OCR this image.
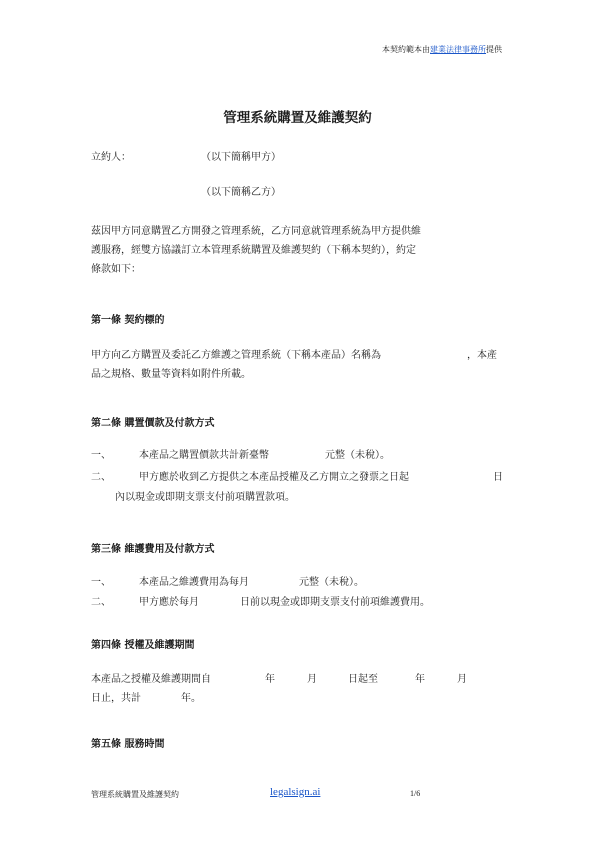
本契約範本由建業法律事務所提供
管理系統購置及維護契約
立約人：	（以下簡稱甲方）
（以下簡稱乙方）
茲因甲方同意購置乙方開發之管理系統，乙方同意就管理系統為甲方提供維
護服務，經雙方協議訂立本管理系統購置及維護契約（下稱本契約），約定
條款如下：
第一條 契約標的
甲方向乙方購置及委託乙方維護之管理系統（下稱本產品）名稱為	，本產
品之規格、數量等資料如附件所載。
第二條 購置價款及付款方式
一、	本產品之購置價款共計新臺幣	元整（未稅）。
二、	甲方應於收到乙方提供之本產品授權及乙方開立之發票之日起	日
內以現金或即期支票支付前項購置款項。
第三條 維護費用及付款方式
一、	本產品之維護費用為每月	元整（未稅）。
二、	甲方應於每月	日前以現金或即期支票支付前項維護費用。
第四條 授權及維護期間
本產品之授權及維護期間自	年	月	日起至	年	月
日止，共計	年。
第五條 服務時間
管理系統購置及維護契約	legalsign.ai	1/6
